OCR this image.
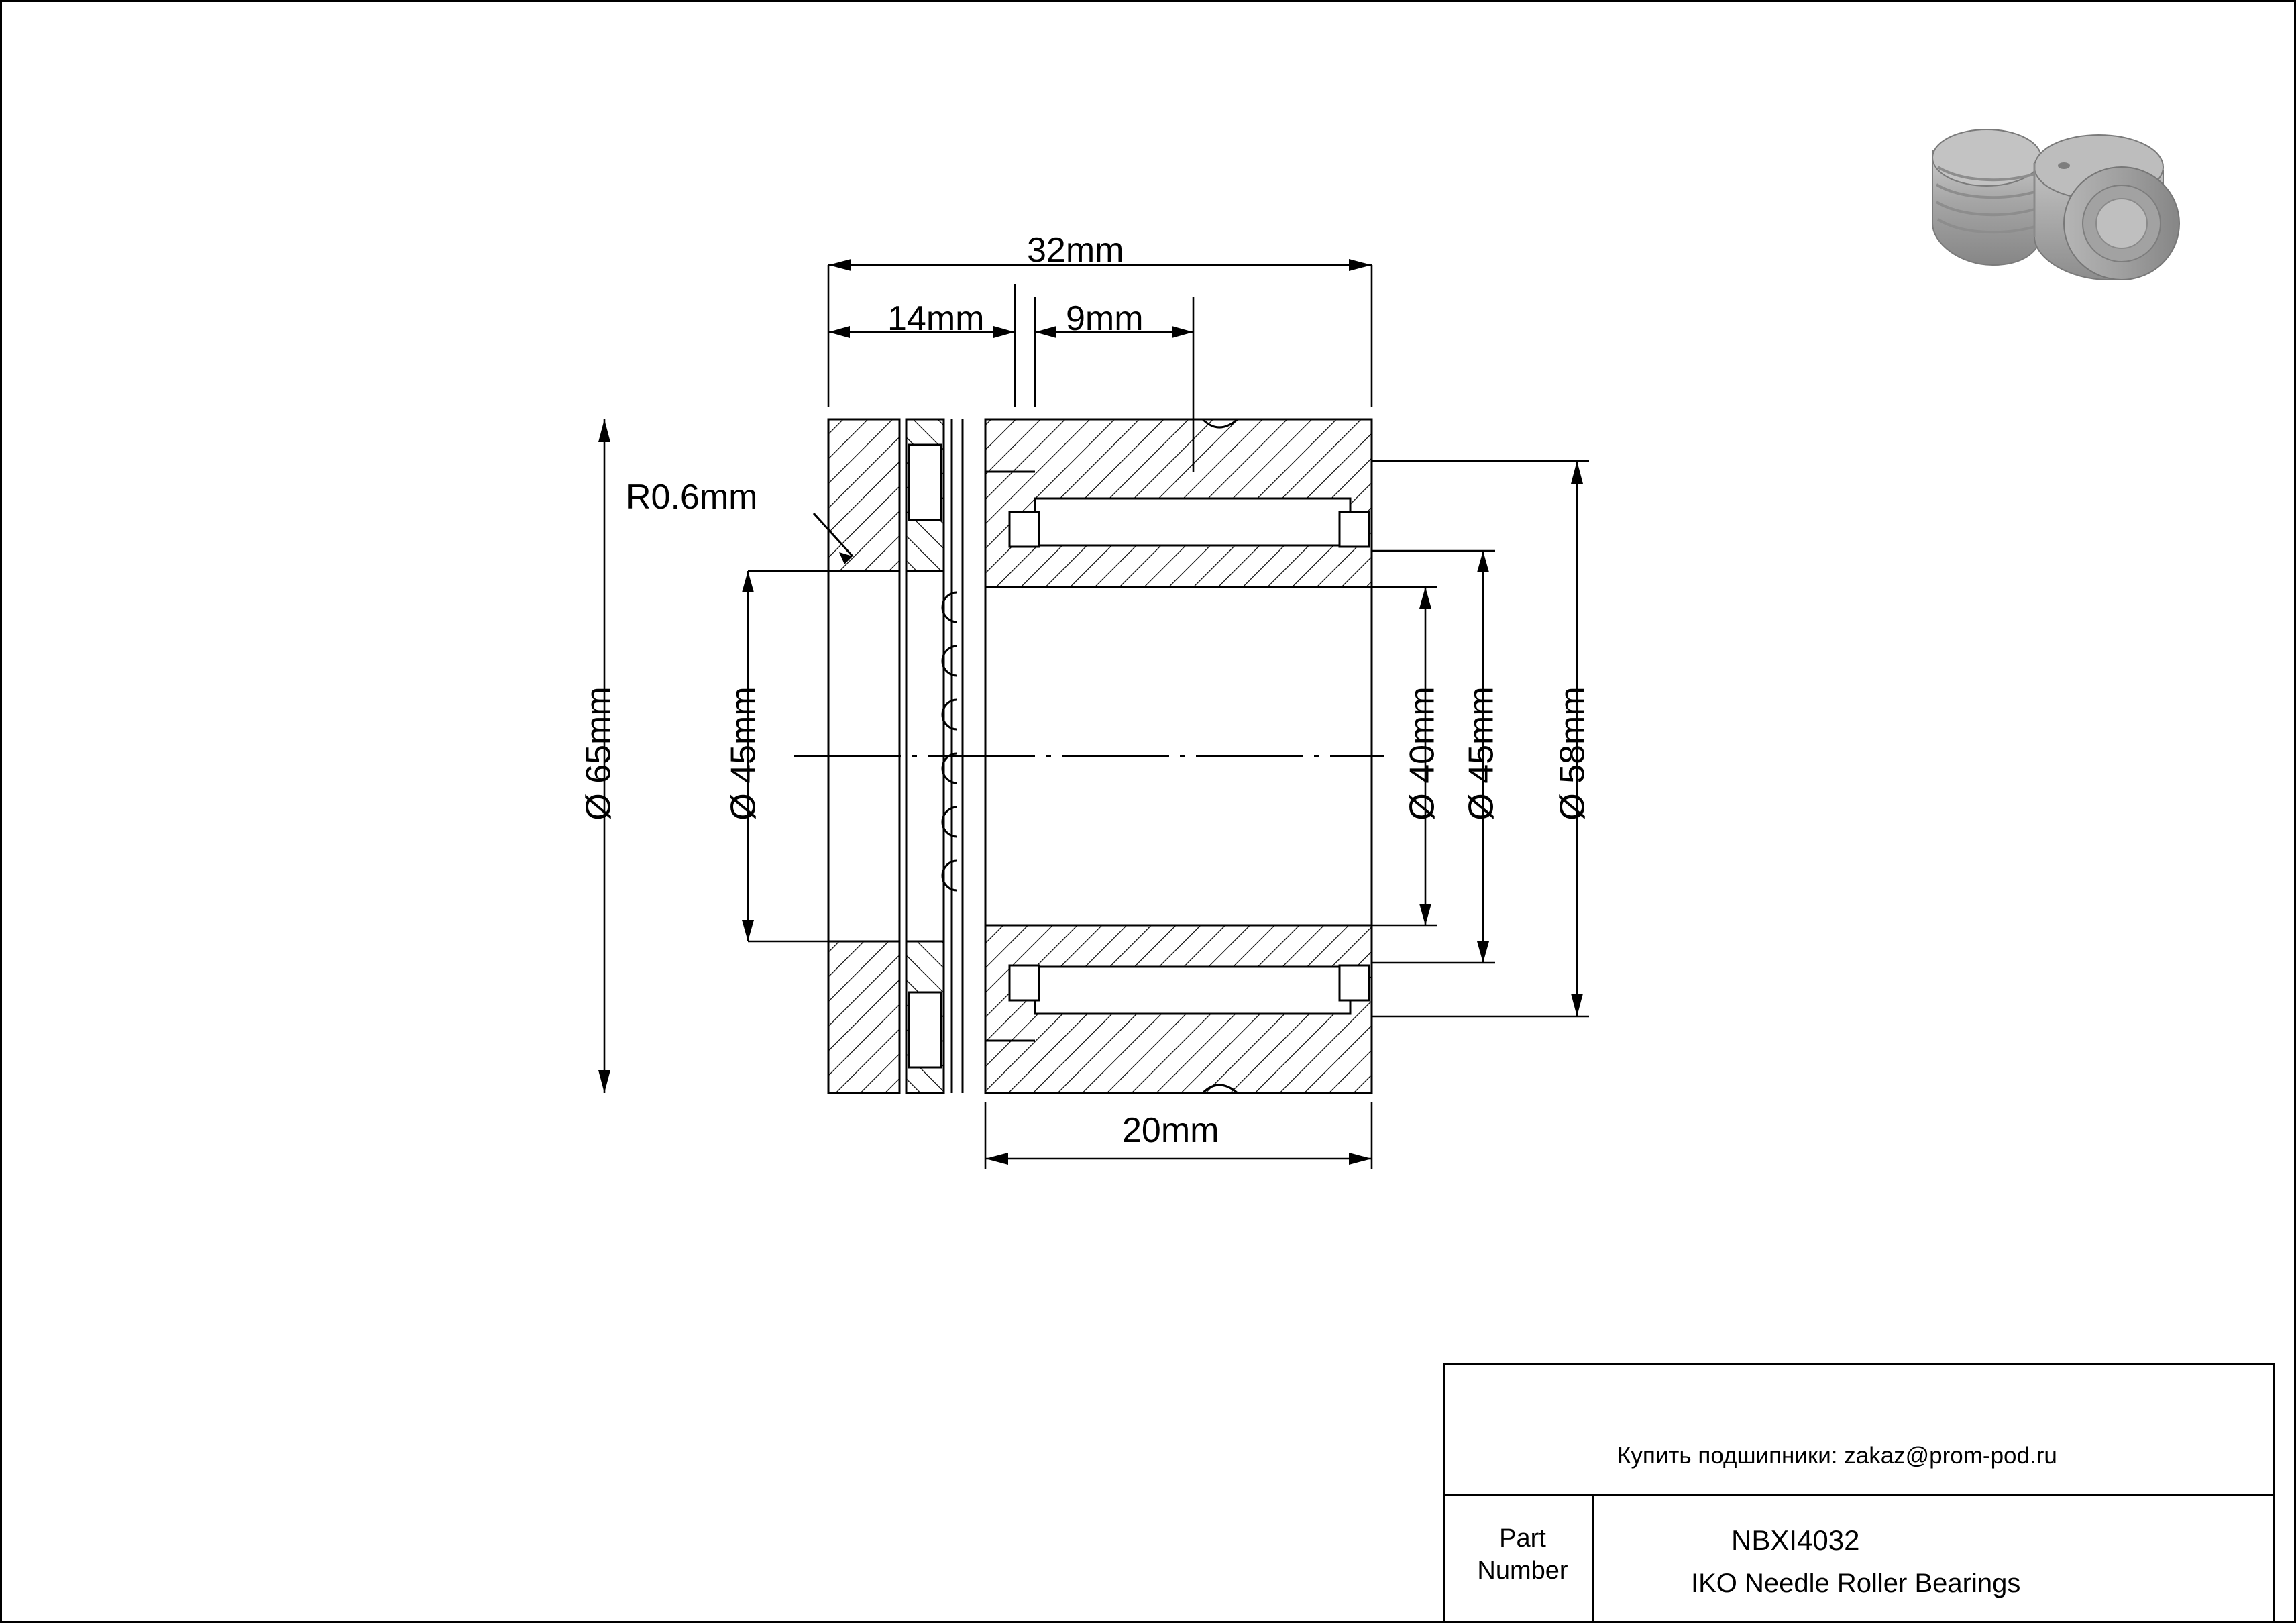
32mm
14mm 9mm
20mm
R0.6mm
Ø 65mm	Ø 45mm	Ø 40mm Ø 45mm Ø 58mm
Купить подшипники: zakaz@prom-pod.ru
Part
Number
NBXI4032
IKO Needle Roller Bearings
